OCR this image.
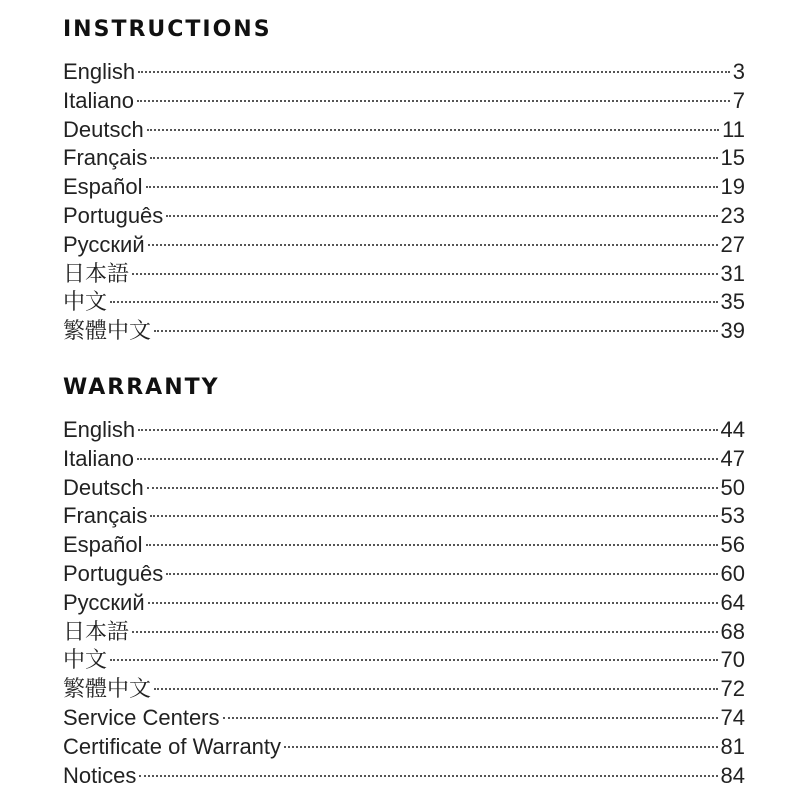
INSTRUCTIONS
English	3
Italiano	7
Deutsch	11
Français	15
Español	19
Português	23
Русский	27
日本語	31
中文	35
繁體中文	39
WARRANTY
English	44
Italiano	47
Deutsch	50
Français	53
Español	56
Português	60
Русский	64
日本語	68
中文	70
繁體中文	72
Service Centers	74
Certificate of Warranty	81
Notices	84
